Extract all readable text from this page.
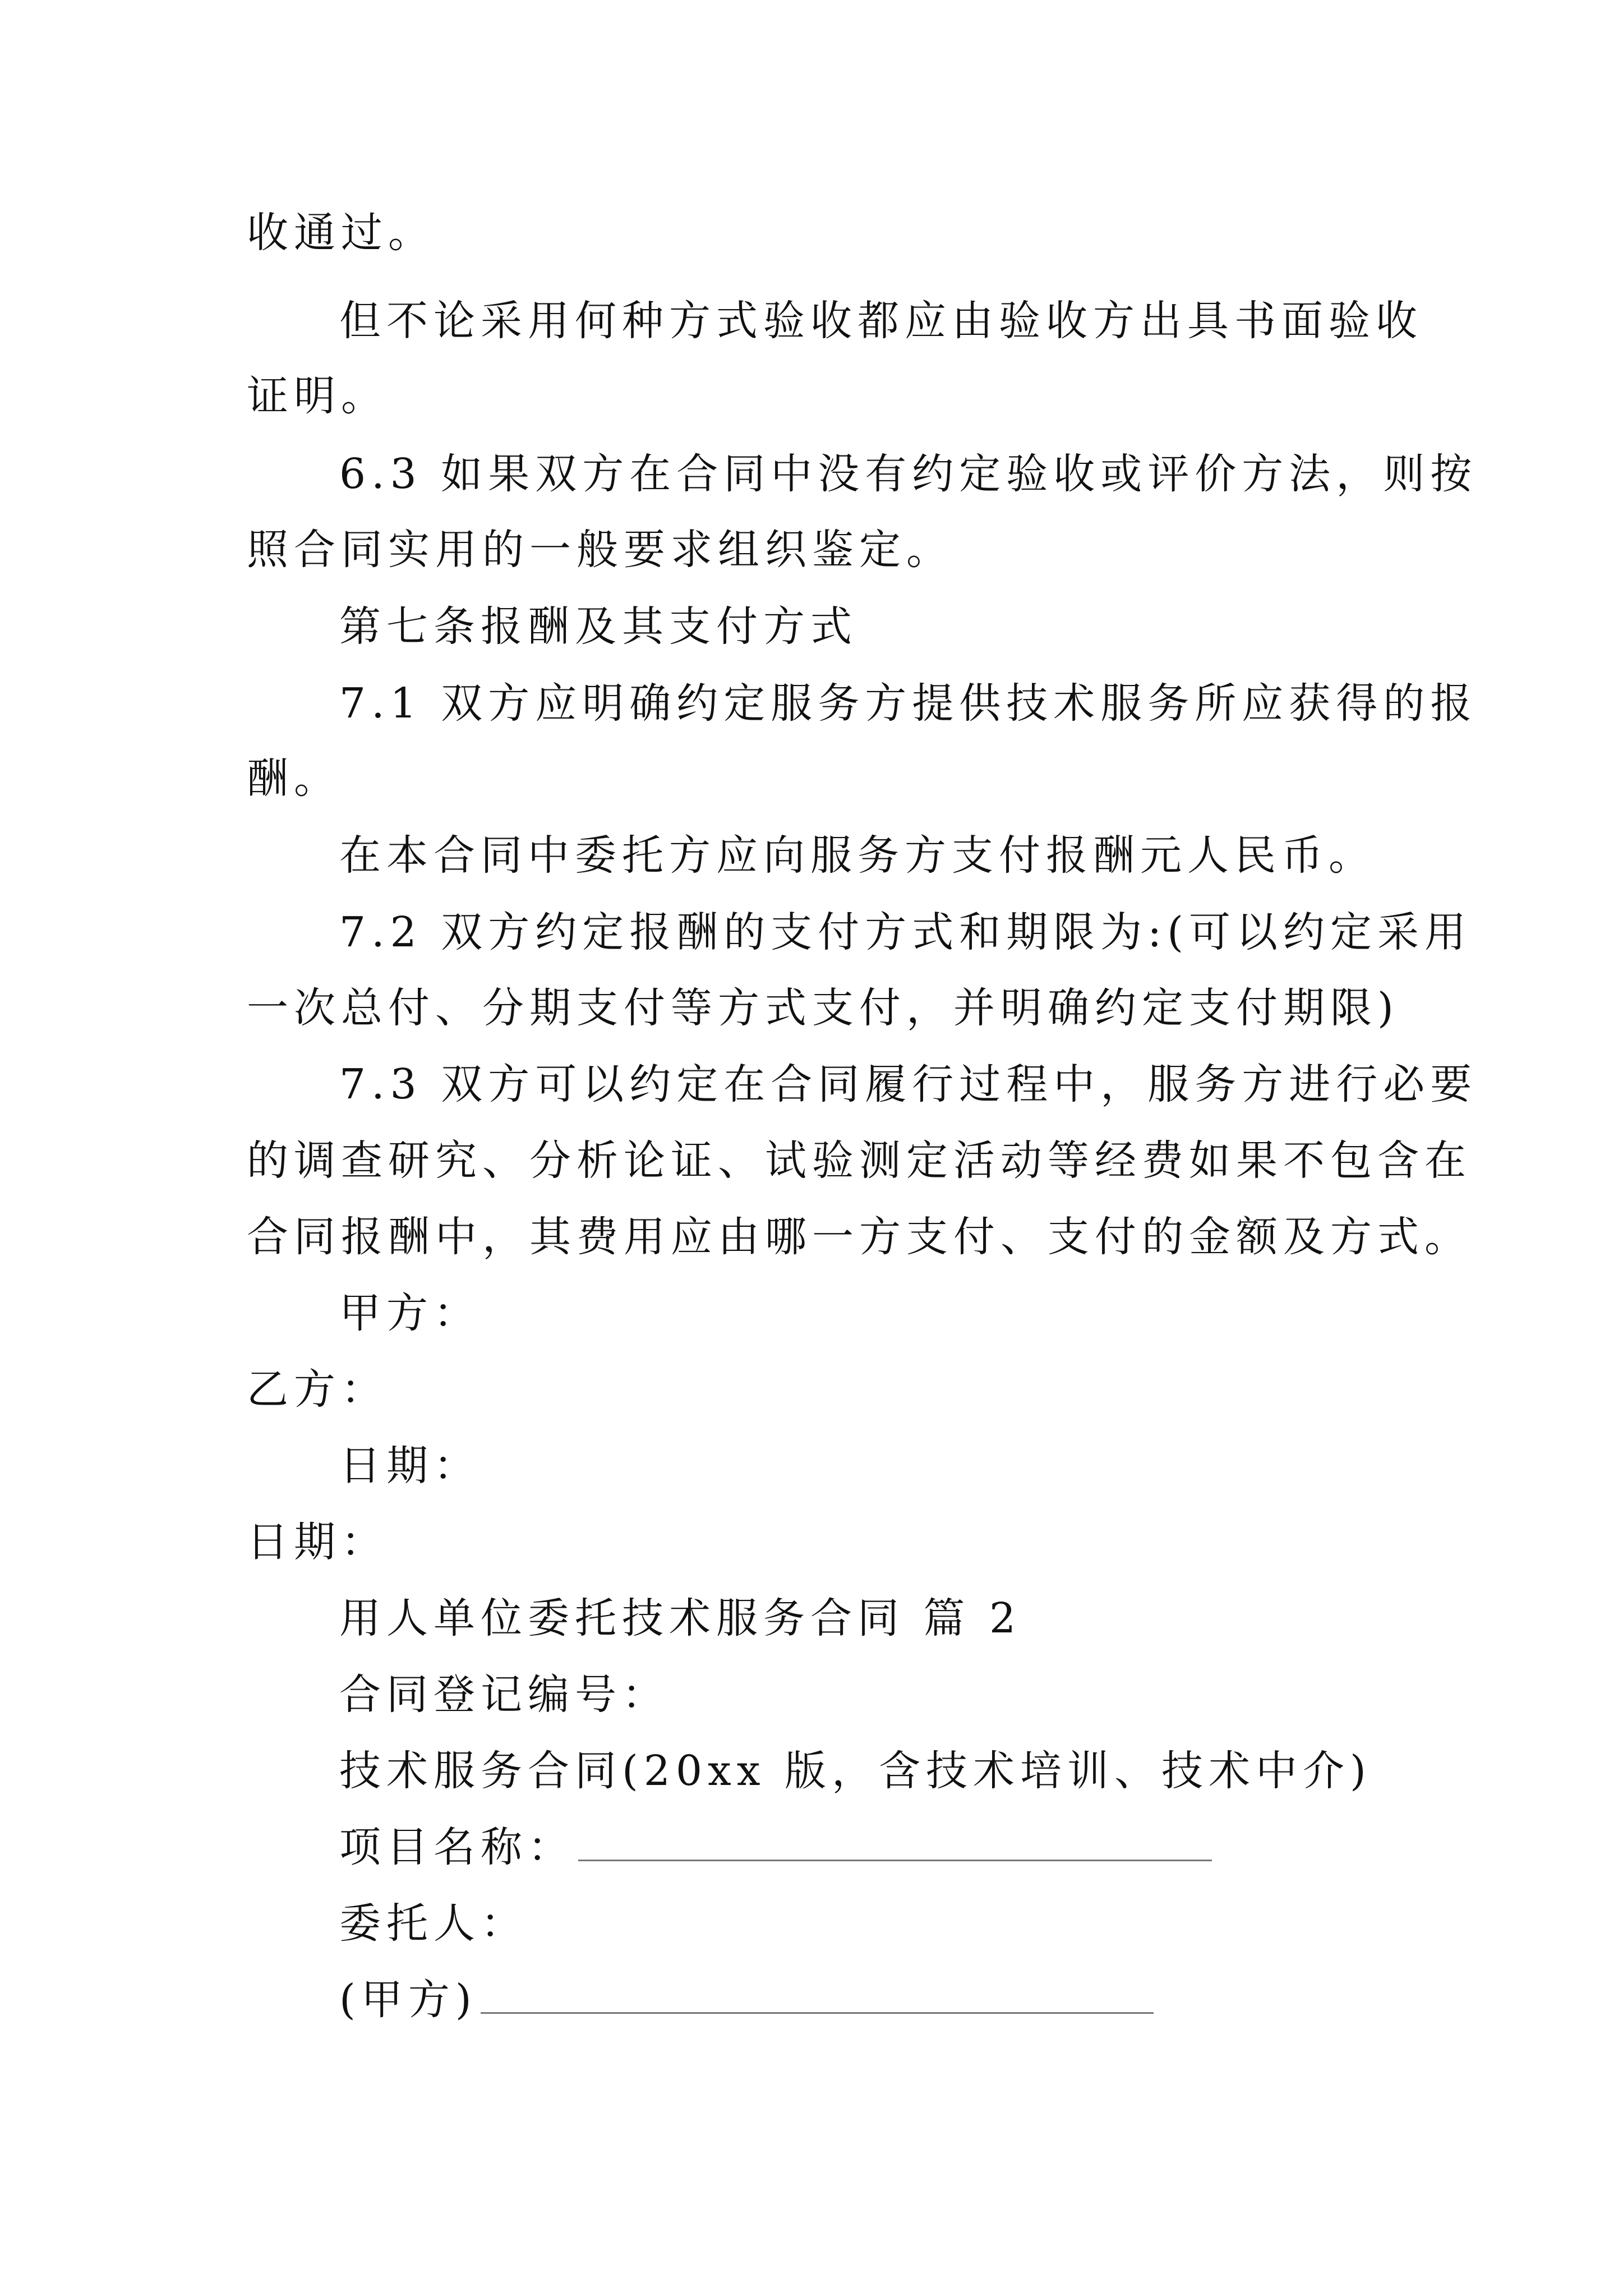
收通过。
但不论采用何种方式验收都应由验收方出具书面验收
证明。
6.3 如果双方在合同中没有约定验收或评价方法，则按
照合同实用的一般要求组织鉴定。
第七条报酬及其支付方式
7.1 双方应明确约定服务方提供技术服务所应获得的报
酬。
在本合同中委托方应向服务方支付报酬元人民币。
7.2 双方约定报酬的支付方式和期限为:(可以约定采用
一次总付、分期支付等方式支付，并明确约定支付期限)
7.3 双方可以约定在合同履行过程中，服务方进行必要
的调查研究、分析论证、试验测定活动等经费如果不包含在
合同报酬中，其费用应由哪一方支付、支付的金额及方式。
甲方：
乙方：
日期：
日期：
用人单位委托技术服务合同 篇 2
合同登记编号：
技术服务合同(20xx 版，含技术培训、技术中介)
项目名称：
委托人：
(甲方)
